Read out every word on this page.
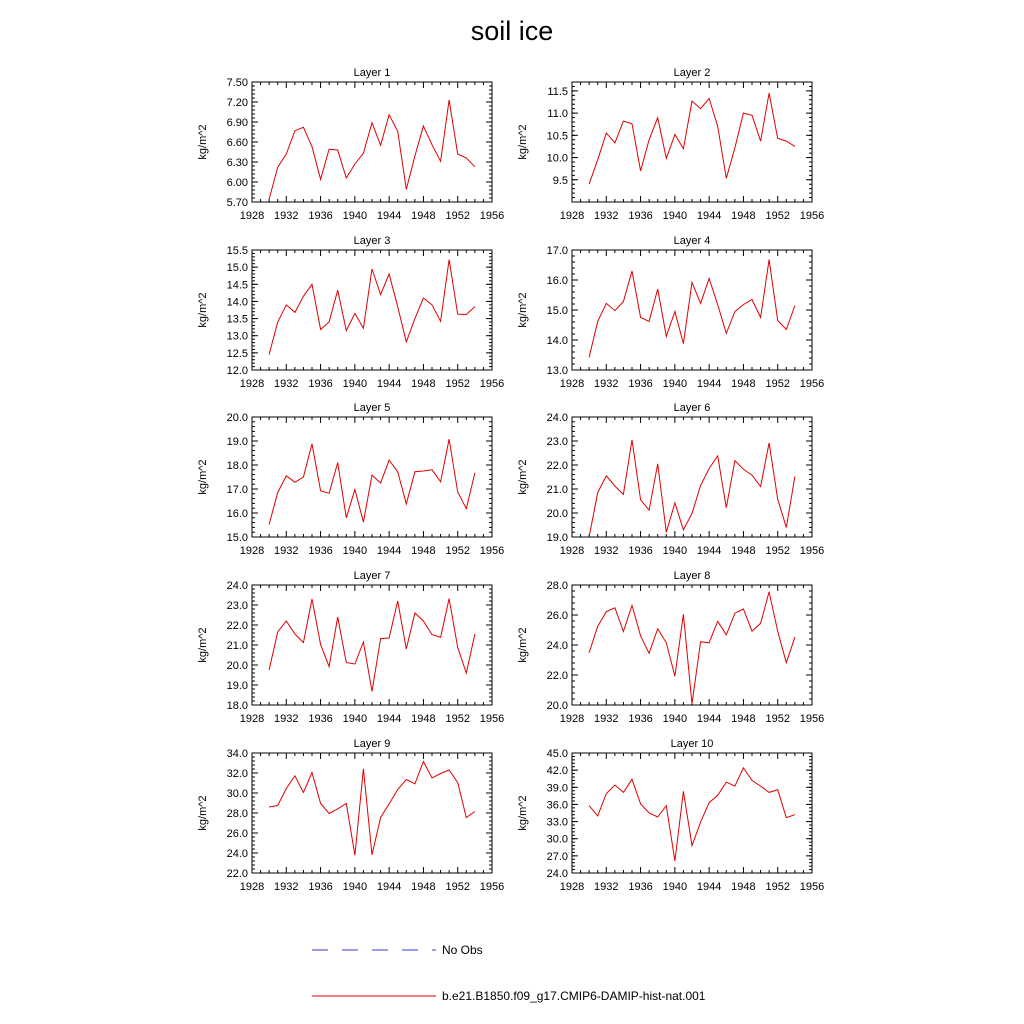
soil ice
Layer 1
kg/m^2
1928 1932 1936 1940 1944 1948 1952 1956
5.70
6.00
6.30
6.60
6.90
7.20
7.50
Layer 2
kg/m^2
1928 1932 1936 1940 1944 1948 1952 1956
9.5
10.0
10.5
11.0
11.5
Layer 3
kg/m^2
1928 1932 1936 1940 1944 1948 1952 1956
12.0
12.5
13.0
13.5
14.0
14.5
15.0
15.5
Layer 4
kg/m^2
1928 1932 1936 1940 1944 1948 1952 1956
13.0
14.0
15.0
16.0
17.0
Layer 5
kg/m^2
1928 1932 1936 1940 1944 1948 1952 1956
15.0
16.0
17.0
18.0
19.0
20.0
Layer 6
kg/m^2
1928 1932 1936 1940 1944 1948 1952 1956
19.0
20.0
21.0
22.0
23.0
24.0
Layer 7
kg/m^2
1928 1932 1936 1940 1944 1948 1952 1956
18.0
19.0
20.0
21.0
22.0
23.0
24.0
Layer 8
kg/m^2
1928 1932 1936 1940 1944 1948 1952 1956
20.0
22.0
24.0
26.0
28.0
Layer 9
kg/m^2
1928 1932 1936 1940 1944 1948 1952 1956
22.0
24.0
26.0
28.0
30.0
32.0
34.0
Layer 10
kg/m^2
1928 1932 1936 1940 1944 1948 1952 1956
24.0
27.0
30.0
33.0
36.0
39.0
42.0
45.0
No Obs
b.e21.B1850.f09_g17.CMIP6-DAMIP-hist-nat.001
